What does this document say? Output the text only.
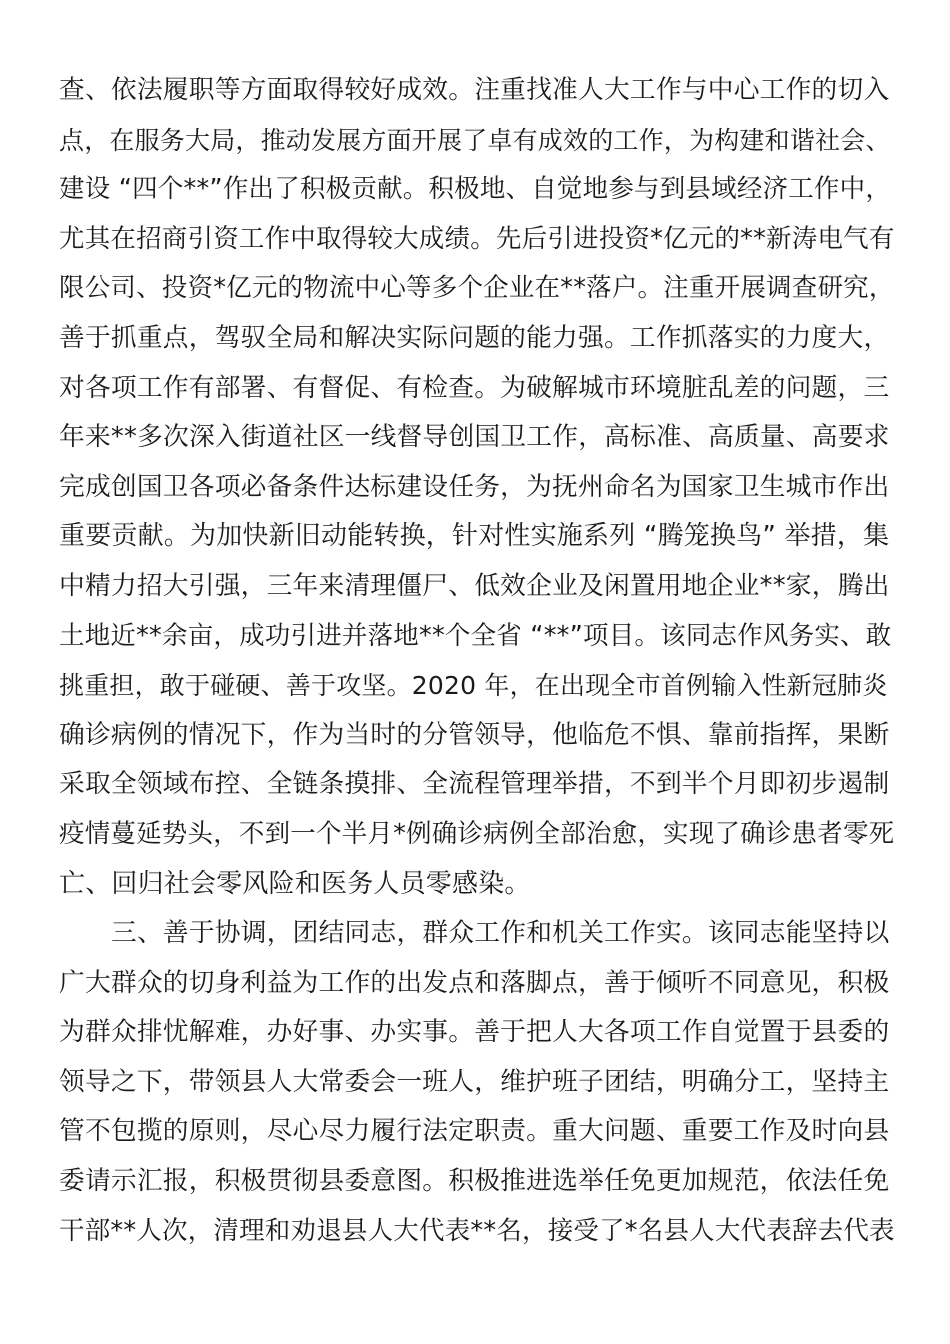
查、依法履职等方面取得较好成效。注重找准人大工作与中心工作的切入
点，在服务大局，推动发展方面开展了卓有成效的工作，为构建和谐社会、
建设 “四个**”作出了积极贡献。积极地、自觉地参与到县域经济工作中，
尤其在招商引资工作中取得较大成绩。先后引进投资*亿元的**新涛电气有
限公司、投资*亿元的物流中心等多个企业在**落户。注重开展调查研究，
善于抓重点，驾驭全局和解决实际问题的能力强。工作抓落实的力度大，
对各项工作有部署、有督促、有检查。为破解城市环境脏乱差的问题，三
年来**多次深入街道社区一线督导创国卫工作，高标准、高质量、高要求
完成创国卫各项必备条件达标建设任务，为抚州命名为国家卫生城市作出
重要贡献。为加快新旧动能转换，针对性实施系列 “腾笼换鸟” 举措，集
中精力招大引强，三年来清理僵尸、低效企业及闲置用地企业**家，腾出
土地近**余亩，成功引进并落地**个全省 “**”项目。该同志作风务实、敢
挑重担，敢于碰硬、善于攻坚。2020 年，在出现全市首例输入性新冠肺炎
确诊病例的情况下，作为当时的分管领导，他临危不惧、靠前指挥，果断
采取全领域布控、全链条摸排、全流程管理举措，不到半个月即初步遏制
疫情蔓延势头，不到一个半月*例确诊病例全部治愈，实现了确诊患者零死
亡、回归社会零风险和医务人员零感染。
三、善于协调，团结同志，群众工作和机关工作实。该同志能坚持以
广大群众的切身利益为工作的出发点和落脚点，善于倾听不同意见，积极
为群众排忧解难，办好事、办实事。善于把人大各项工作自觉置于县委的
领导之下，带领县人大常委会一班人，维护班子团结，明确分工，坚持主
管不包揽的原则，尽心尽力履行法定职责。重大问题、重要工作及时向县
委请示汇报，积极贯彻县委意图。积极推进选举任免更加规范，依法任免
干部**人次，清理和劝退县人大代表**名，接受了*名县人大代表辞去代表
